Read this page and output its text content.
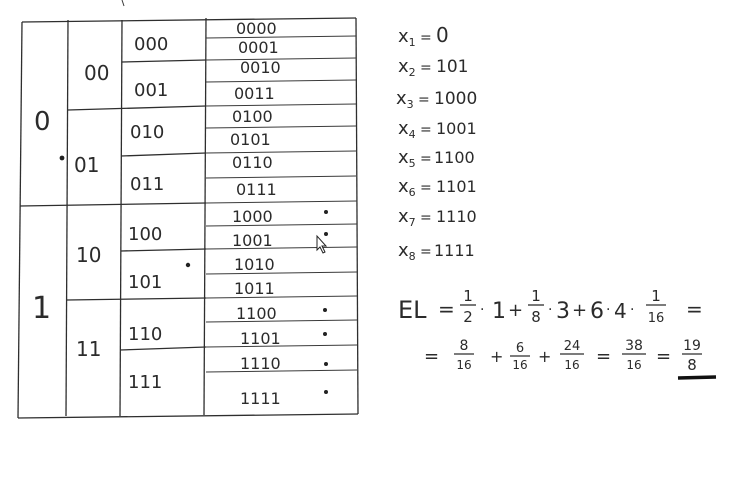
0
1
00
01
10
11
000
001
010
011
100
101
110
111
0000
0001
0010
0011
0100
0101
0110
0111
1000
1001
1010
1011
1100
1101
1110
1111
$x_1 = 0$
$x_2 = 101$
$x_3 = 1000$
$x_4 = 1001$
$x_5 = 1100$
$x_6 = 1101$
$x_7 = 1110$
$x_8 = 1111$
EL =
1
2 · 1 +
1
8 · 3 + 6 · 4 ·
1
16 =
= 8
16 + 6
16 +
24
16 = 38
16 = 19
8
